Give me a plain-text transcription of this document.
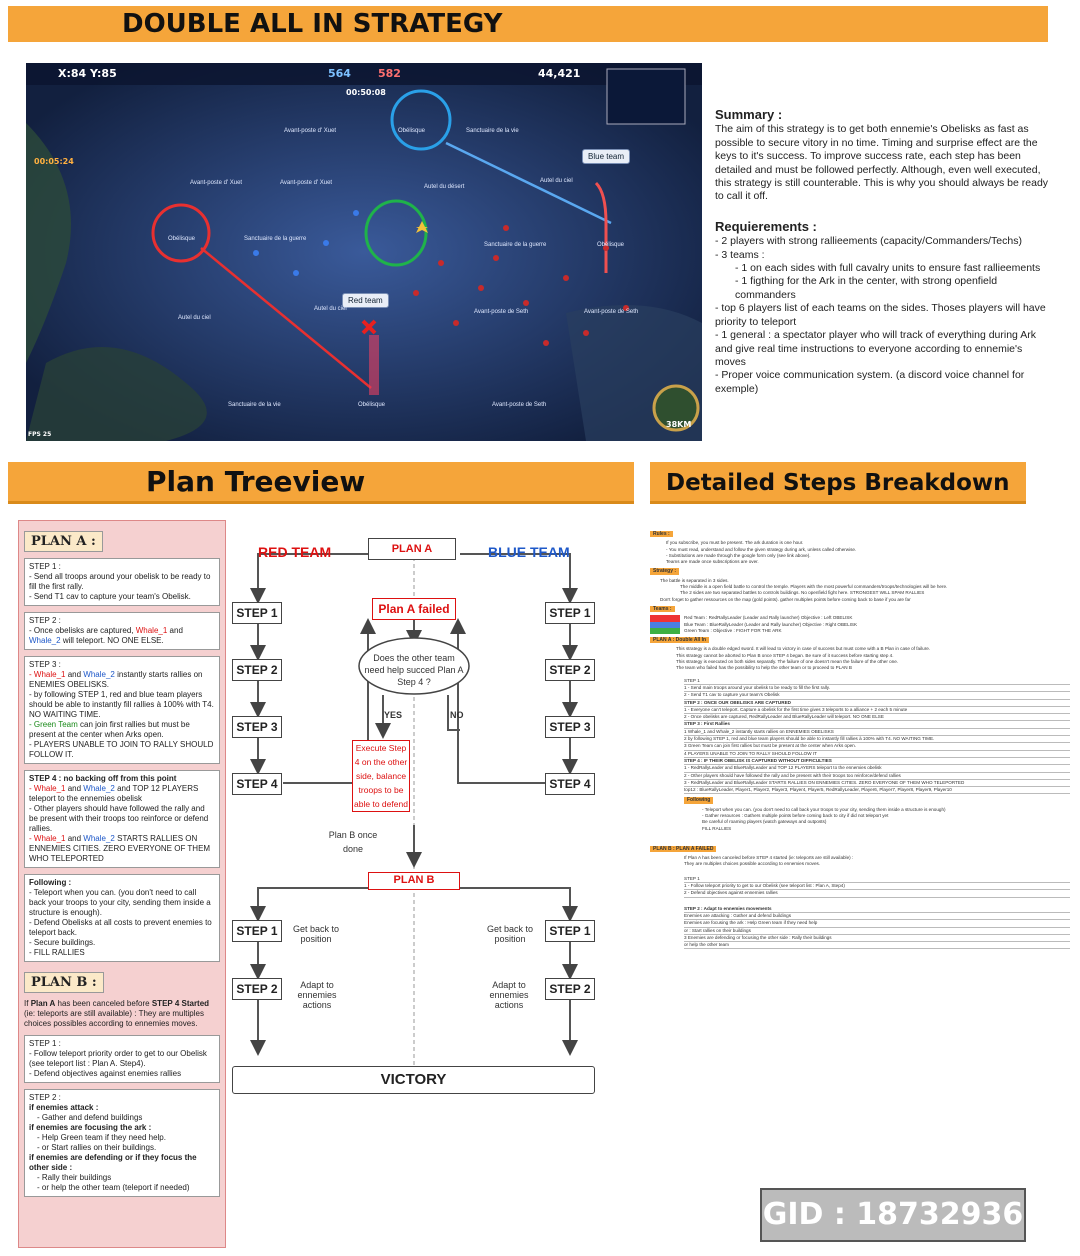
DOUBLE ALL IN STRATEGY
X:84 Y:85	564 582
00:50:08
44,421
00:05:24
FPS 25
38KM
Blue team
Red team
Avant-poste d' Xuet	Obélisque	Sanctuaire de la vie
Avant-poste d' Xuet	Avant-poste d' Xuet
Autel du désert
Autel du ciel
Obélisque	Sanctuaire de la guerre
Sanctuaire de la guerre	Obélisque
Autel du ciel
Autel du ciel
Avant-poste de Seth	Avant-poste de Seth
Sanctuaire de la vie	Obélisque	Avant-poste de Seth
Summary :

The aim of this strategy is to get both ennemie's Obelisks as fast as possible to secure vitory in no time. Timing and surprise effect are the keys to it's success. To improve success rate, each step has been detailed and must be followed perfectly. Although, even well executed, this strategy is still counterable. This is why you should always be ready to call it off.

Requierements :
- 2 players with strong rallieements (capacity/Commanders/Techs)
- 3 teams :
- 1 on each sides with full cavalry units to ensure fast rallieements
- 1 figthing for the Ark in the center, with strong openfield commanders
- top 6 players list of each teams on the sides. Thoses players will have priority to teleport
- 1 general : a spectator player who will track of everything during Ark and give real time instructions to everyone according to ennemie's moves
- Proper voice communication system. (a discord voice channel for exemple)
Plan Treeview	Detailed Steps Breakdown
PLAN A :
STEP 1 :
- Send all troops around your obelisk to be ready to fill the first rally.
- Send T1 cav to capture your team's Obelisk.
STEP 2 :
- Once obelisks are captured, Whale_1 and Whale_2 will teleport. NO ONE ELSE.
STEP 3 :
- Whale_1 and Whale_2 instantly starts rallies on ENEMIES OBELISKS.
- by following STEP 1, red and blue team players should be able to instantly fill rallies à 100% with T4. NO WAITING TIME.
- Green Team can join first rallies but must be present at the center when Arks open.
- PLAYERS UNABLE TO JOIN TO RALLY SHOULD FOLLOW IT.
STEP 4 : no backing off from this point
- Whale_1 and Whale_2 and TOP 12 PLAYERS teleport to the ennemies obelisk
- Other players should have followed the rally and be present with their troops too reinforce or defend rallies.
- Whale_1 and Whale_2 STARTS RALLIES ON ENNEMIES CITIES. ZERO EVERYONE OF THEM WHO TELEPORTED
Following :
- Teleport when you can. (you don't need to call back your troops to your city, sending them inside a structure is enough).
- Defend Obelisks at all costs to prevent enemies to teleport back.
- Secure buildings.
- FILL RALLIES
PLAN B :
If Plan A has been canceled before STEP 4 Started (ie: teleports are still available) : They are multiples choices possibles according to ennemies moves.
STEP 1 :
- Follow teleport priority order to get to our Obelisk (see teleport list : Plan A. Step4).
- Defend objectives against enemies rallies
STEP 2 :
if enemies attack :
- Gather and defend buildings
if enemies are focusing the ark :
- Help Green team if they need help.
- or Start rallies on their buildings.
if enemies are defending or if they focus the other side :
- Rally their buildings
- or help the other team (teleport if needed)
PLAN A
RED TEAM	BLUE TEAM
STEP 1
STEP 2
STEP 3
STEP 4
STEP 1
STEP 2
STEP 3
STEP 4
Plan A failed
Does the other team need help succed Plan A Step 4 ?
YES	NO
Execute Step 4 on the other side, balance troops to be able to defend
Plan B once done
PLAN B
STEP 1
STEP 2
STEP 1
STEP 2
Get back to position
Get back to position
Adapt to ennemies actions
Adapt to ennemies actions
VICTORY
Rules :
If you subscribe, you must be present. The ark duration is one hour.
- You must read, understand and follow the given strategy during ark, unless called otherwise.
- Substitutions are made through the google form only (see link above).
Teams are made once subscriptions are over.
Strategy :
The battle is separated in 3 sides.
The middle is a open field battle to control the temple. Players with the most powerful commanders/troops/technologies will be here.
The 2 sides are two separated battles to controls buildings. No openfield fight here. STRONGEST WILL SPAM RALLIES
Don't forget to gather ressources on the map (gold points). gather multiples points before coming back to base if you are far
Teams :
Red Team : RedRallyLeader (Leader and Rally launcher) Objective : Left OBELISK
Blue Team : BlueRallyLeader (Leader and Rally launcher) Objective : Right OBELISK
Green Team : Objective : FIGHT FOR THE ARK
PLAN A : Double All In
This strategy is a double edged sword. It will lead to victory in case of success but must come with a B Plan in case of failure.
This strategy cannot be aborted to Plan B once STEP 4 began. Be sure of it success before starting step 4.
This strategy is executed on both sides separatly. The failure of one doesn't mean the failure of the other one.
The team who failed has the possibility to help the other team or to proceed to PLAN B
STEP 1
1 - Send main troops around your obelisk to be ready to fill the first rally.
2 - Send T1 cav to capture your team's Obelisk
STEP 2 : ONCE OUR OBELISKS ARE CAPTURED
1 - Everyone can't teleport. Capture a obelisk for the first time gives 3 teleports to a alliance + 2 each 5 minute
2 - Once obelisks are captured, RedRallyLeader and BlueRallyLeader will teleport. NO ONE ELSE
STEP 3 : First Rallies
1 Whale_1 and Whale_2 instantly starts rallies on ENNEMIES OBELISKS
2 by following STEP 1, red and blue team players should be able to instantly fill rallies à 100% with T4. NO WAITING TIME.
3 Green Team can join first rallies but must be present at the center when Arks open.
4 PLAYERS UNABLE TO JOIN TO RALLY SHOULD FOLLOW IT
STEP 4 : IF THEIR OBELISK IS CAPTURED WITHOUT DIFFICULTIES
1 - RedRallyLeader and BlueRallyLeader and TOP 12 PLAYERS teleport to the ennemies obelisk
2 - Other players should have followed the rally and be present with their troops too reinforce/defend rallies
3 - RedRallyLeader and BlueRallyLeader STARTS RALLIES ON ENNEMIES CITIES. ZERO EVERYONE OF THEM WHO TELEPORTED
top12 : BlueRallyLeader, Player1, Player2, Player3, Player4, Player5, RedRallyLeader, Player6, Player7, Player8, Player9, Player10
Following
- Teleport when you can. (you don't need to call back your troops to your city, sending them inside a structure is enough)
- Gather resources : Gathers multiple points before coming back to city if did not teleport yet
Be careful of roaming players (watch gateways and outposts)
FILL RALLIES
PLAN B : PLAN A FAILED
If Plan A has been canceled before STEP 4 started (ie: teleports are still available) :
They are multiples choices possible according to ennemies moves.
STEP 1
1 - Follow teleport priority to get to our Obelisk (see teleport list : Plan A, Step4)
2 - Defend objectives against ennemies rallies
STEP 2 : Adapt to ennemies movements
Enemies are attacking : Gather and defend buildings
Enemies are focusing the ark : Help Green team if they need help
or : Start rallies on their buildings
3 Enemies are defending or focusing the other side : Rally their buildings
or help the other team
GID : 18732936
